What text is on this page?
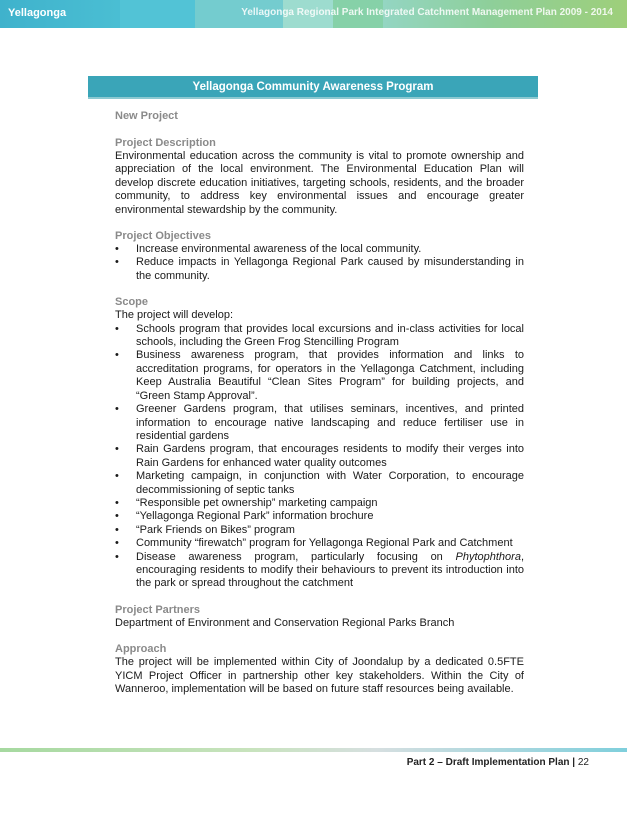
Yellagonga	Yellagonga Regional Park Integrated Catchment Management Plan 2009 - 2014
Yellagonga Community Awareness Program
New Project
Project Description

Environmental education across the community is vital to promote ownership and appreciation of the local environment. The Environmental Education Plan will develop discrete education initiatives, targeting schools, residents, and the broader community, to address key environmental issues and encourage greater environmental stewardship by the community.

Project Objectives
• Increase environmental awareness of the local community.
• Reduce impacts in Yellagonga Regional Park caused by misunderstanding in the community.
Scope

The project will develop:

• Schools program that provides local excursions and in-class activities for local schools, including the Green Frog Stencilling Program
• Business awareness program, that provides information and links to accreditation programs, for operators in the Yellagonga Catchment, including Keep Australia Beautiful “Clean Sites Program” for building projects, and “Green Stamp Approval”.
• Greener Gardens program, that utilises seminars, incentives, and printed information to encourage native landscaping and reduce fertiliser use in residential gardens
• Rain Gardens program, that encourages residents to modify their verges into Rain Gardens for enhanced water quality outcomes
• Marketing campaign, in conjunction with Water Corporation, to encourage decommissioning of septic tanks
• “Responsible pet ownership” marketing campaign
• “Yellagonga Regional Park” information brochure
• “Park Friends on Bikes” program
• Community “firewatch” program for Yellagonga Regional Park and Catchment
• Disease awareness program, particularly focusing on Phytophthora, encouraging residents to modify their behaviours to prevent its introduction into the park or spread throughout the catchment
Project Partners

Department of Environment and Conservation Regional Parks Branch

Approach

The project will be implemented within City of Joondalup by a dedicated 0.5FTE YICM Project Officer in partnership other key stakeholders. Within the City of Wanneroo, implementation will be based on future staff resources being available.

Part 2 – Draft Implementation Plan | 22
